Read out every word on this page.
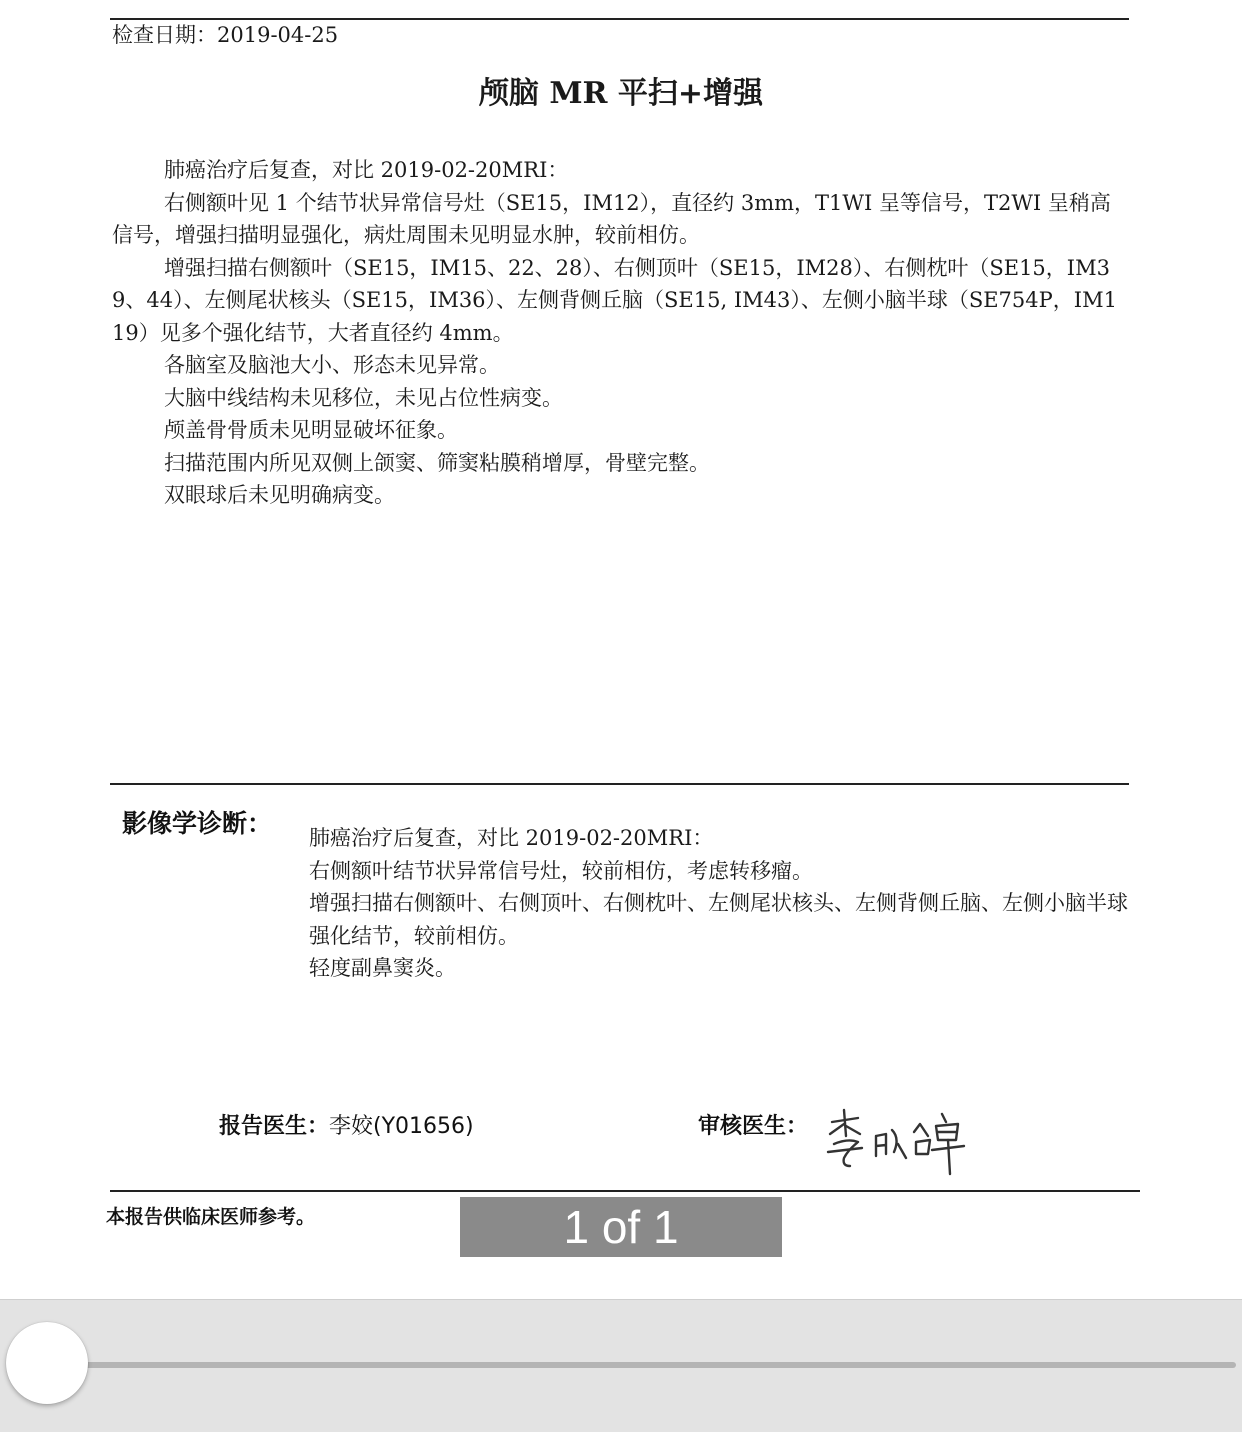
检查日期：2019-04-25
颅脑 MR 平扫+增强

肺癌治疗后复查，对比 2019-02-20MRI：

右侧额叶见 1 个结节状异常信号灶（SE15，IM12），直径约 3mm，T1WI 呈等信号，T2WI 呈稍高信号，增强扫描明显强化，病灶周围未见明显水肿，较前相仿。

增强扫描右侧额叶（SE15，IM15、22、28）、右侧顶叶（SE15，IM28）、右侧枕叶（SE15，IM39、44）、左侧尾状核头（SE15，IM36）、左侧背侧丘脑（SE15, IM43）、左侧小脑半球（SE754P，IM119）见多个强化结节，大者直径约 4mm。

各脑室及脑池大小、形态未见异常。

大脑中线结构未见移位，未见占位性病变。

颅盖骨骨质未见明显破坏征象。

扫描范围内所见双侧上颌窦、筛窦粘膜稍增厚，骨壁完整。

双眼球后未见明确病变。

影像学诊断： 肺癌治疗后复查，对比 2019-02-20MRI：

右侧额叶结节状异常信号灶，较前相仿，考虑转移瘤。

增强扫描右侧额叶、右侧顶叶、右侧枕叶、左侧尾状核头、左侧背侧丘脑、左侧小脑半球强化结节，较前相仿。

轻度副鼻窦炎。

报告医生：李姣(Y01656)	审核医生：
本报告供临床医师参考。	1 of 1
